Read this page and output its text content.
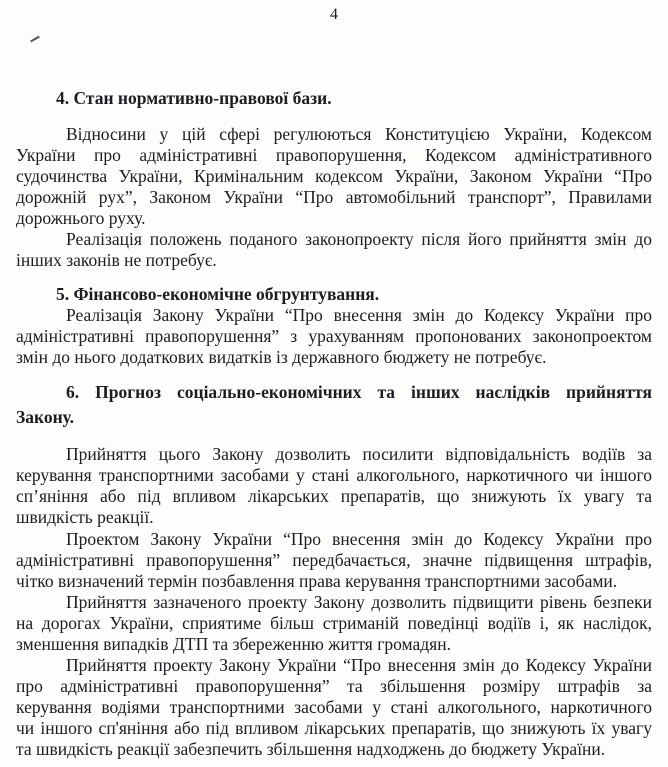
4
4. Стан нормативно-правової бази.
Відносини у цій сфері регулюються Конституцією України, Кодексом
України про адміністративні правопорушення, Кодексом адміністративного
судочинства України, Кримінальним кодексом України, Законом України “Про
дорожній рух”, Законом України “Про автомобільний транспорт”, Правилами
дорожнього руху.
Реалізація положень поданого законопроекту після його прийняття змін до
інших законів не потребує.
5. Фінансово-економічне обгрунтування.
Реалізація Закону України “Про внесення змін до Кодексу України про
адміністративні правопорушення” з урахуванням пропонованих законопроектом
змін до нього додаткових видатків із державного бюджету не потребує.
6. Прогноз соціально-економічних та інших наслідків прийняття
Закону.
Прийняття цього Закону дозволить посилити відповідальність водіїв за
керування транспортними засобами у стані алкогольного, наркотичного чи іншого
сп’яніння або під впливом лікарських препаратів, що знижують їх увагу та
швидкість реакції.
Проектом Закону України “Про внесення змін до Кодексу України про
адміністративні правопорушення” передбачається, значне підвищення штрафів,
чітко визначений термін позбавлення права керування транспортними засобами.
Прийняття зазначеного проекту Закону дозволить підвищити рівень безпеки
на дорогах України, сприятиме більш стриманій поведінці водіїв і, як наслідок,
зменшення випадків ДТП та збереженню життя громадян.
Прийняття проекту Закону України “Про внесення змін до Кодексу України
про адміністративні правопорушення” та збільшення розміру штрафів за
керування водіями транспортними засобами у стані алкогольного, наркотичного
чи іншого сп'яніння або під впливом лікарських препаратів, що знижують їх увагу
та швидкість реакції забезпечить збільшення надходжень до бюджету України.
